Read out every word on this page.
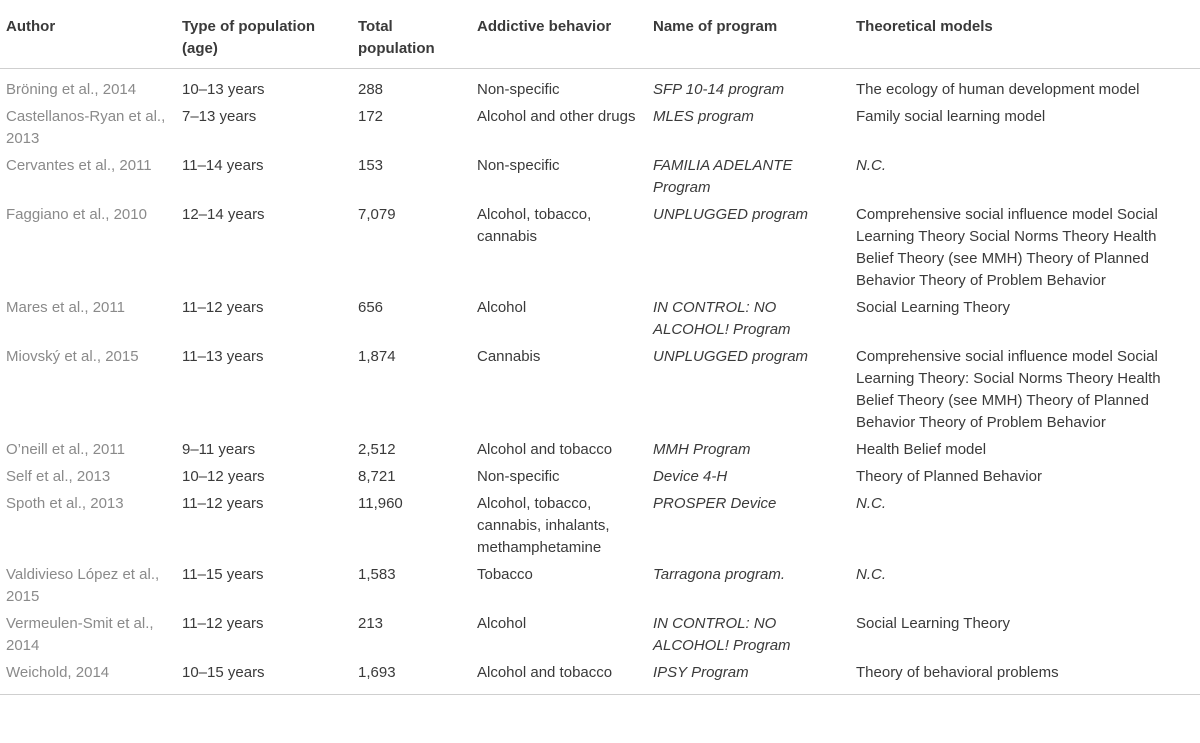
Author	Type of population (age)	Total population	Addictive behavior	Name of program	Theoretical models
Bröning et al., 2014	10–13 years	288	Non-specific	SFP 10-14 program	The ecology of human development model
Castellanos-Ryan et al., 2013	7–13 years	172	Alcohol and other drugs	MLES program	Family social learning model
Cervantes et al., 2011	11–14 years	153	Non-specific	FAMILIA ADELANTE Program	N.C.
Faggiano et al., 2010	12–14 years	7,079	Alcohol, tobacco, cannabis	UNPLUGGED program	Comprehensive social influence model Social Learning Theory Social Norms Theory Health Belief Theory (see MMH) Theory of Planned Behavior Theory of Problem Behavior
Mares et al., 2011	11–12 years	656	Alcohol	IN CONTROL: NO ALCOHOL! Program	Social Learning Theory
Miovský et al., 2015	11–13 years	1,874	Cannabis	UNPLUGGED program	Comprehensive social influence model Social Learning Theory: Social Norms Theory Health Belief Theory (see MMH) Theory of Planned Behavior Theory of Problem Behavior
O’neill et al., 2011	9–11 years	2,512	Alcohol and tobacco	MMH Program	Health Belief model
Self et al., 2013	10–12 years	8,721	Non-specific	Device 4-H	Theory of Planned Behavior
Spoth et al., 2013	11–12 years	11,960	Alcohol, tobacco, cannabis, inhalants, methamphetamine	PROSPER Device	N.C.
Valdivieso López et al., 2015	11–15 years	1,583	Tobacco	Tarragona program.	N.C.
Vermeulen-Smit et al., 2014	11–12 years	213	Alcohol	IN CONTROL: NO ALCOHOL! Program	Social Learning Theory
Weichold, 2014	10–15 years	1,693	Alcohol and tobacco	IPSY Program	Theory of behavioral problems
